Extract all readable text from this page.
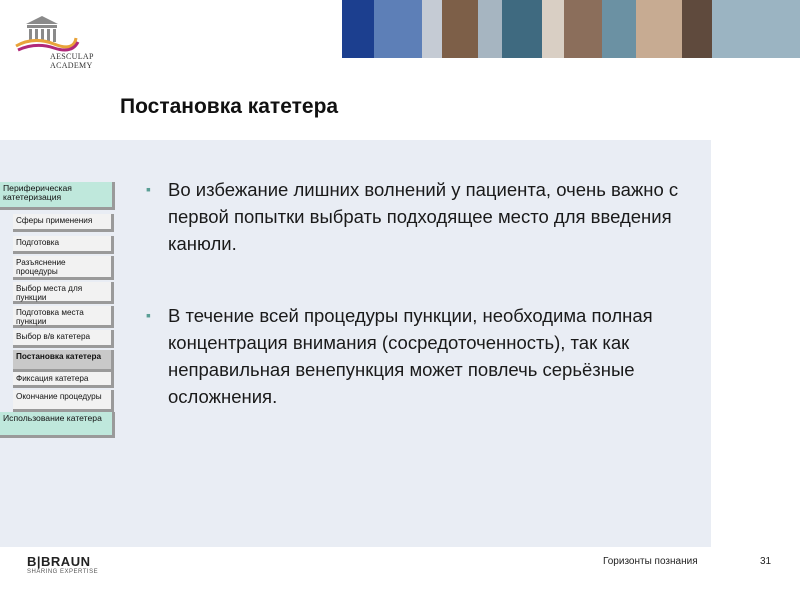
AESCULAP ACADEMY
Постановка катетера
Периферическая катетеризация
Сферы применения
Подготовка
Разъяснение процедуры
Выбор места для пункции
Подготовка места пункции
Выбор в/в катетера
Постановка катетера
Фиксация катетера
Окончание процедуры
Использование катетера
▪ Во избежание лишних волнений у пациента, очень важно с первой попытки выбрать подходящее место для введения канюли.
▪ В течение всей процедуры пункции, необходима полная концентрация внимания (сосредоточенность), так как неправильная венепункция может повлечь серьёзные осложнения.
B|BRAUN
SHARING EXPERTISE
Горизонты познания	31
